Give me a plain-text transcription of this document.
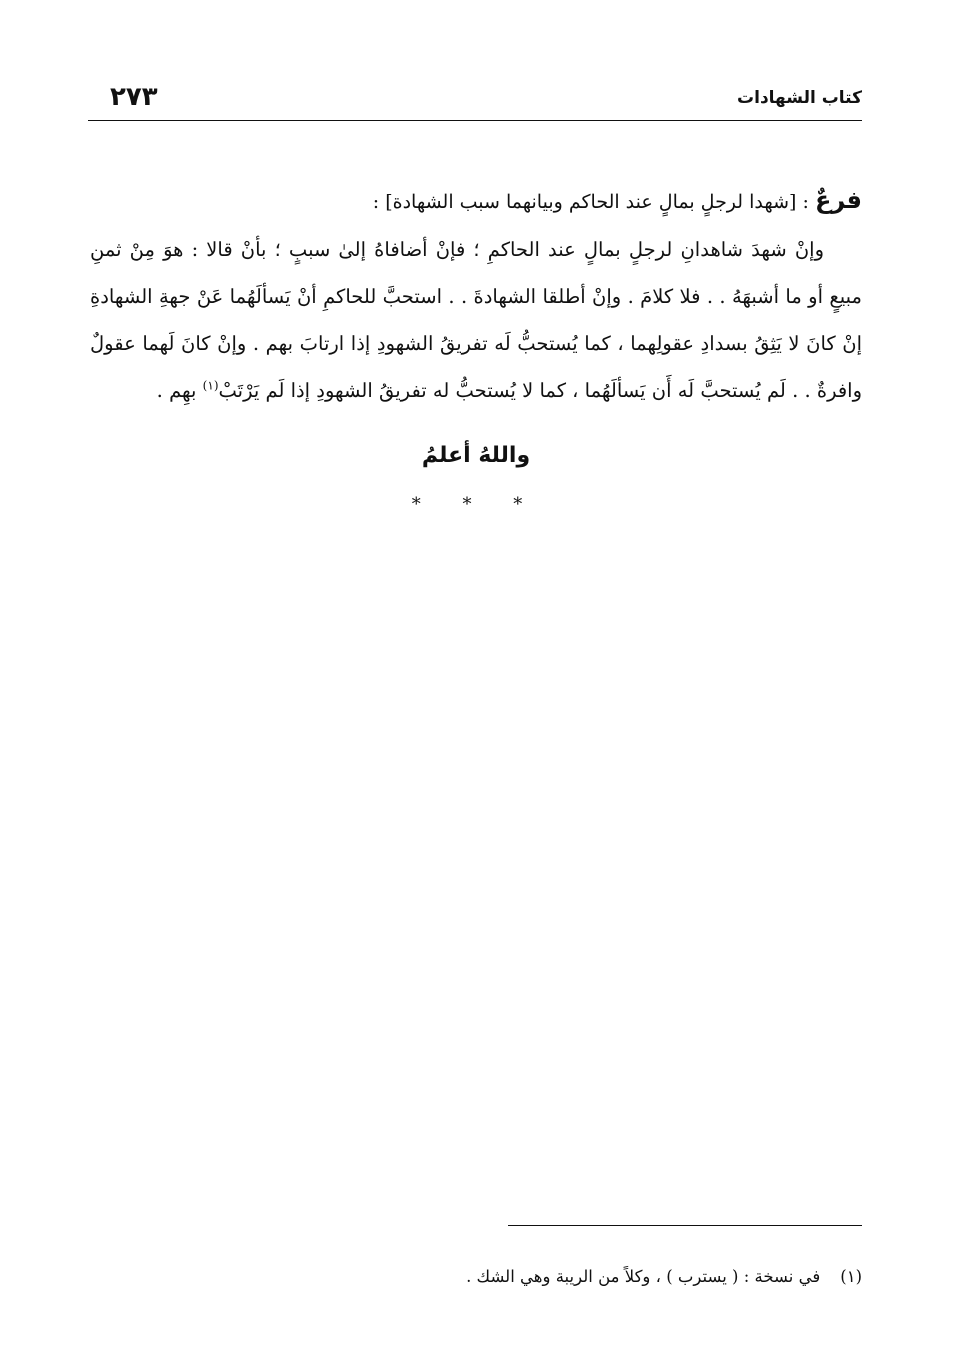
٢٧٣	كتاب الشهادات

فرعٌ : [شهدا لرجلٍ بمالٍ عند الحاكم وبيانهما سبب الشهادة] :

وإنْ شهدَ شاهدانِ لرجلٍ بمالٍ عند الحاكمِ ؛ فإنْ أضافاهُ إلىٰ سببٍ ؛ بأنْ قالا : هوَ مِنْ ثمنِ مبيعٍ أو ما أشبهَهُ . . فلا كلامَ . وإنْ أطلقا الشهادةَ . . استحبَّ للحاكمِ أنْ يَسألَهُما عَنْ جهةِ الشهادةِ إنْ كانَ لا يَثِقُ بسدادِ عقولِهما ، كما يُستحبُّ لَه تفريقُ الشهودِ إذا ارتابَ بهم . وإنْ كانَ لَهما عقولٌ وافرةٌ . . لَم يُستحبَّ لَه أَن يَسألَهُما ، كما لا يُستحبُّ له تفريقُ الشهودِ إذا لَم يَرْتَبْ$^{(١)}$ بهِم .

واللهُ أعلمُ
* * *
(١)في نسخة : ( يسترب ) ، وكلاً من الريبة وهي الشك .
